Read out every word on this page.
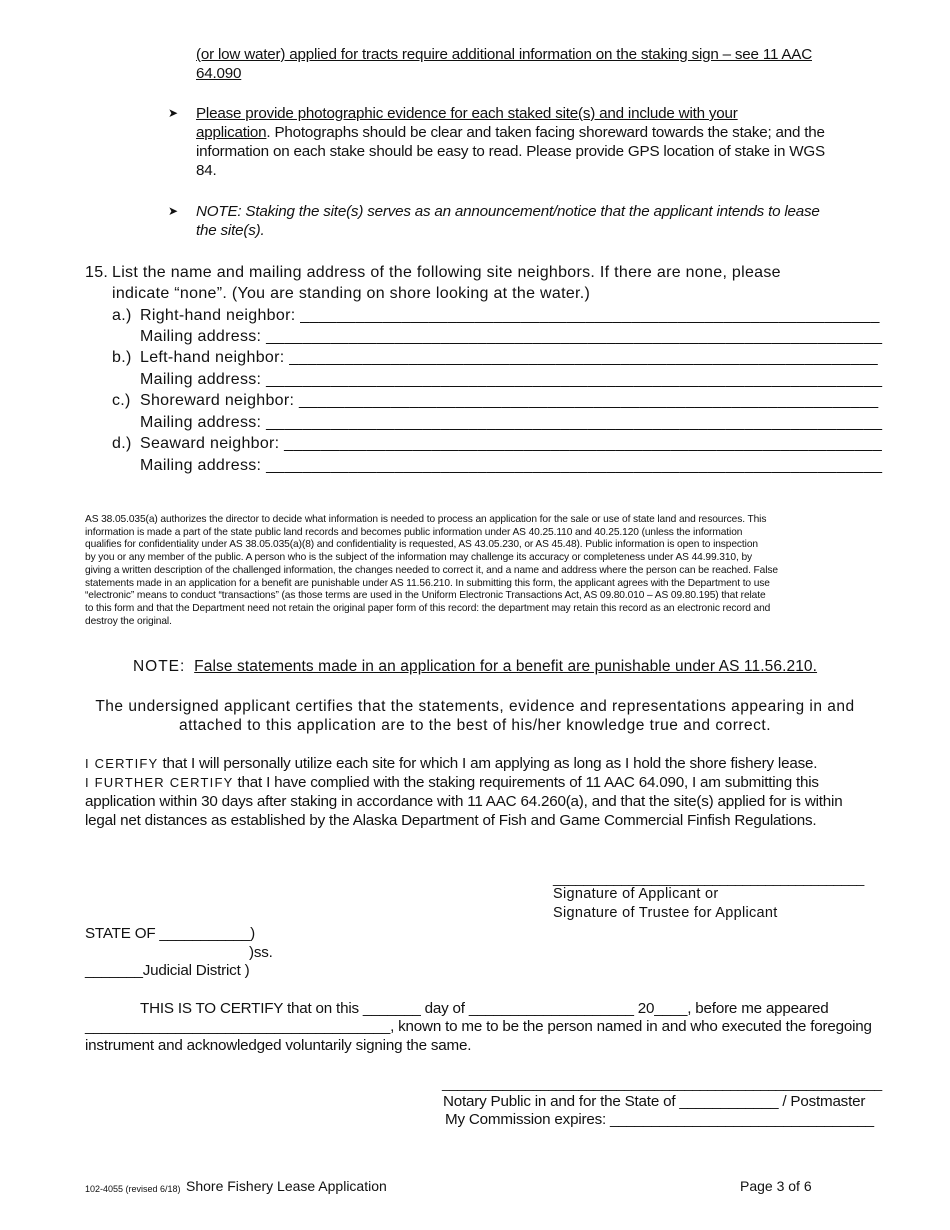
(or low water) applied for tracts require additional information on the staking sign – see 11 AAC
64.090
➤ Please provide photographic evidence for each staked site(s) and include with your
application. Photographs should be clear and taken facing shoreward towards the stake; and the
information on each stake should be easy to read. Please provide GPS location of stake in WGS
84.
➤ NOTE: Staking the site(s) serves as an announcement/notice that the applicant intends to lease
the site(s).
15. List the name and mailing address of the following site neighbors. If there are none, please
indicate “none”. (You are standing on shore looking at the water.)
a.) Right-hand neighbor: _______________________________________________________________
Mailing address: ___________________________________________________________________
b.) Left-hand neighbor: ________________________________________________________________
Mailing address: ___________________________________________________________________
c.) Shoreward neighbor: _______________________________________________________________
Mailing address: ___________________________________________________________________
d.) Seaward neighbor: _________________________________________________________________
Mailing address: ___________________________________________________________________
AS 38.05.035(a) authorizes the director to decide what information is needed to process an application for the sale or use of state land and resources. This
information is made a part of the state public land records and becomes public information under AS 40.25.110 and 40.25.120 (unless the information
qualifies for confidentiality under AS 38.05.035(a)(8) and confidentiality is requested, AS 43.05.230, or AS 45.48). Public information is open to inspection
by you or any member of the public. A person who is the subject of the information may challenge its accuracy or completeness under AS 44.99.310, by
giving a written description of the challenged information, the changes needed to correct it, and a name and address where the person can be reached. False
statements made in an application for a benefit are punishable under AS 11.56.210. In submitting this form, the applicant agrees with the Department to use
“electronic” means to conduct “transactions” (as those terms are used in the Uniform Electronic Transactions Act, AS 09.80.010 – AS 09.80.195) that relate
to this form and that the Department need not retain the original paper form of this record: the department may retain this record as an electronic record and
destroy the original.
NOTE: False statements made in an application for a benefit are punishable under AS 11.56.210.
The undersigned applicant certifies that the statements, evidence and representations appearing in and
attached to this application are to the best of his/her knowledge true and correct.
I CERTIFY that I will personally utilize each site for which I am applying as long as I hold the shore fishery lease.
I FURTHER CERTIFY that I have complied with the staking requirements of 11 AAC 64.090, I am submitting this
application within 30 days after staking in accordance with 11 AAC 64.260(a), and that the site(s) applied for is within
legal net distances as established by the Alaska Department of Fish and Game Commercial Finfish Regulations.
_________________________________________
Signature of Applicant or
Signature of Trustee for Applicant
STATE OF ___________)
)ss.
_______Judicial District )
THIS IS TO CERTIFY that on this _______ day of ____________________ 20____, before me appeared
_____________________________________, known to me to be the person named in and who executed the foregoing
instrument and acknowledged voluntarily signing the same.
__________________________________________________________
Notary Public in and for the State of ____________ / Postmaster
My Commission expires: ________________________________
102-4055 (revised 6/18) Shore Fishery Lease Application	Page 3 of 6
